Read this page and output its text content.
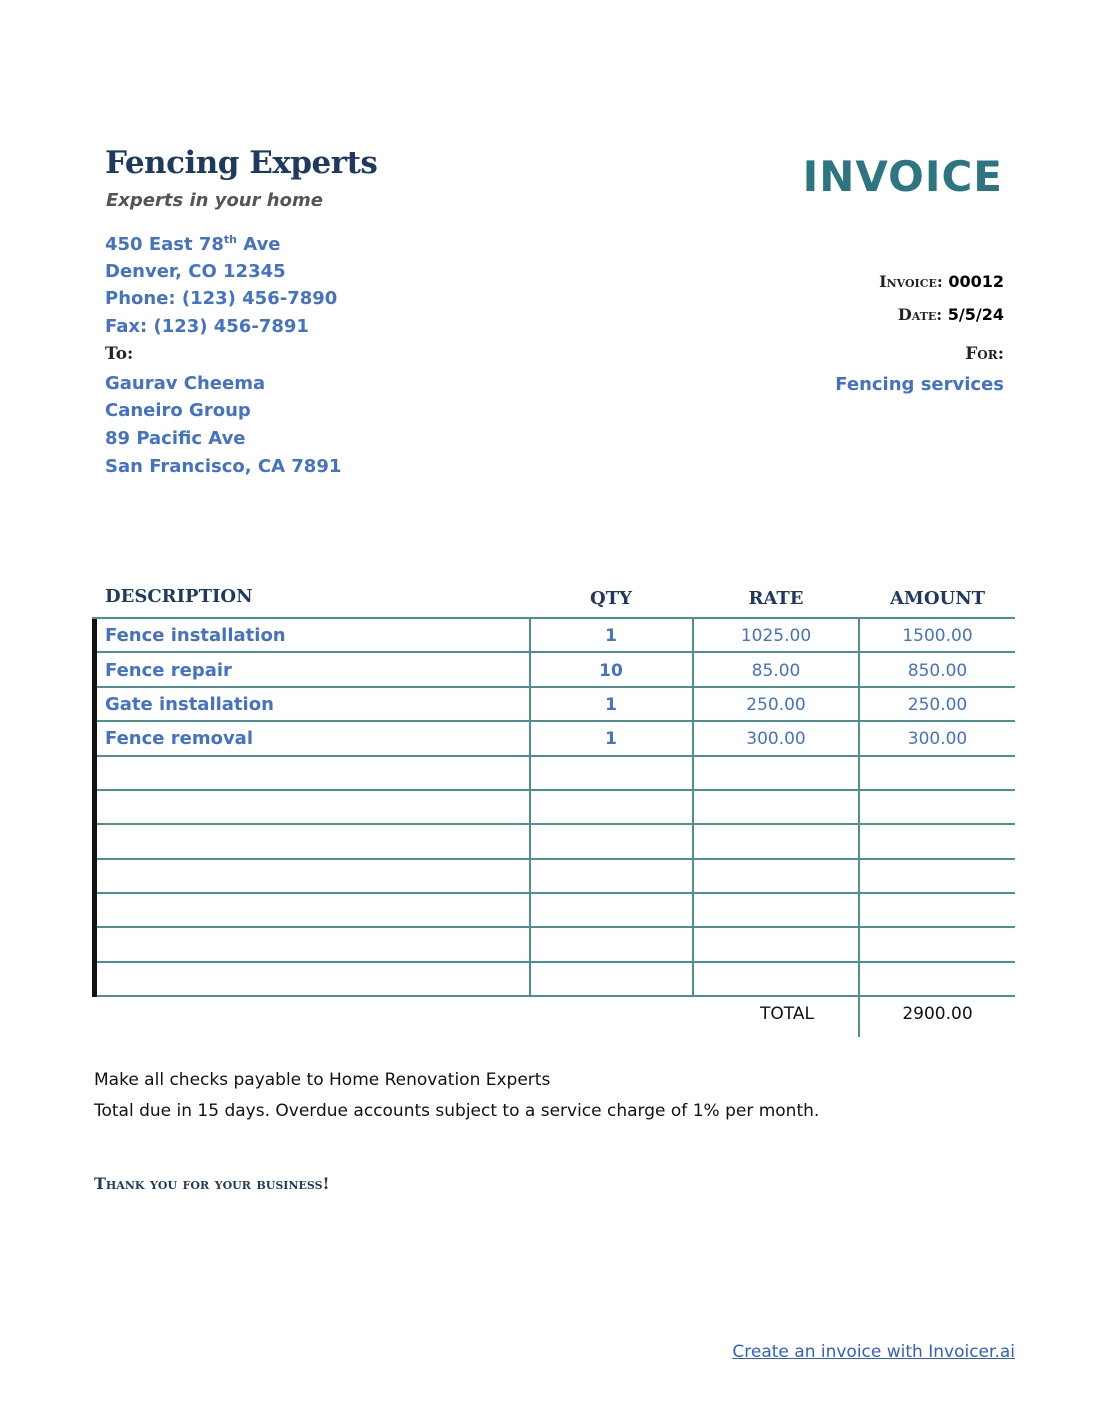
Fencing Experts
Experts in your home	INVOICE
450 East 78th Ave
Denver, CO 12345
Phone: (123) 456-7890
Fax: (123) 456-7891
Invoice: 00012
Date: 5/5/24
To:	For:
Fencing services
Gaurav Cheema
Caneiro Group
89 Pacific Ave
San Francisco, CA 7891
DESCRIPTION	QTY	RATE	AMOUNT
Fence installation	1	1025.00	1500.00
Fence repair	10	85.00	850.00
Gate installation	1	250.00	250.00
Fence removal	1	300.00	300.00
TOTAL	2900.00
Make all checks payable to Home Renovation Experts
Total due in 15 days. Overdue accounts subject to a service charge of 1% per month.
Thank you for your business!
Create an invoice with Invoicer.ai
